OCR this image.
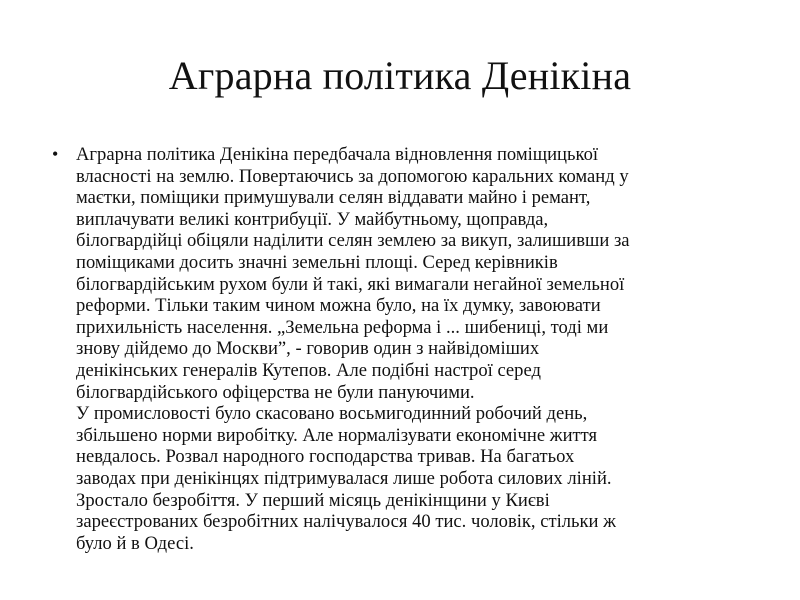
Аграрна політика Денікіна
• Аграрна політика Денікіна передбачала відновлення поміщицької
власності на землю. Повертаючись за допомогою каральних команд у
маєтки, поміщики примушували селян віддавати майно і ремант,
виплачувати великі контрибуції. У майбутньому, щоправда,
білогвардійці обіцяли наділити селян землею за викуп, залишивши за
поміщиками досить значні земельні площі. Серед керівників
білогвардійським рухом були й такі, які вимагали негайної земельної
реформи. Тільки таким чином можна було, на їх думку, завоювати
прихильність населення. „Земельна реформа і ... шибениці, тоді ми
знову дійдемо до Москви”, - говорив один з найвідоміших
денікінських генералів Кутепов. Але подібні настрої серед
білогвардійського офіцерства не були пануючими.
У промисловості було скасовано восьмигодинний робочий день,
збільшено норми виробітку. Але нормалізувати економічне життя
невдалось. Розвал народного господарства тривав. На багатьох
заводах при денікінцях підтримувалася лише робота силових ліній.
Зростало безробіття. У перший місяць денікінщини у Києві
зареєстрованих безробітних налічувалося 40 тис. чоловік, стільки ж
було й в Одесі.
